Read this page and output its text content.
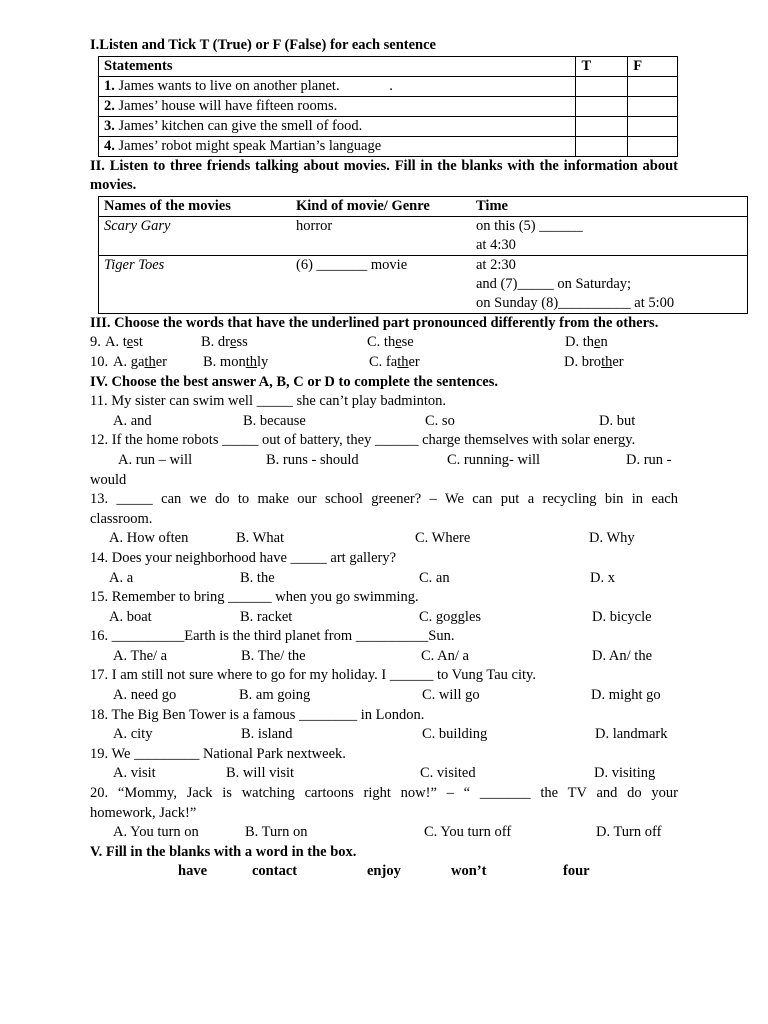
I.Listen and Tick T (True) or F (False) for each sentence
Statements	T	F
1. James wants to live on another planet. .		
2. James’ house will have fifteen rooms.		
3. James’ kitchen can give the smell of food.		
4. James’ robot might speak Martian’s language		
II. Listen to three friends talking about movies. Fill in the blanks with the information about movies.
Names of the movies	Kind of movie/ Genre	Time
Scary Gary	horror	on this (5) ______
at 4:30

Tiger Toes	(6) _______ movie	at 2:30
and (7)_____ on Saturday;
on Sunday (8)__________ at 5:00
III. Choose the words that have the underlined part pronounced differently from the others.
9. A. test	B. dress	C. these	D. then
10. A. gather B. monthly	C. father	D. brother
IV. Choose the best answer A, B, C or D to complete the sentences.
11. My sister can swim well _____ she can’t play badminton.
A. and	B. because	C. so	D. but
12. If the home robots _____ out of battery, they ______ charge themselves with solar energy.
A. run – will	B. runs - should	C. running- will	D. run -
would
13. _____ can we do to make our school greener? – We can put a recycling bin in each
classroom.
A. How often	B. What	C. Where	D. Why
14. Does your neighborhood have _____ art gallery?
A. a	B. the	C. an	D. x
15. Remember to bring ______ when you go swimming.
A. boat	B. racket	C. goggles	D. bicycle
16. __________Earth is the third planet from __________Sun.
A. The/ a	B. The/ the	C. An/ a	D. An/ the
17. I am still not sure where to go for my holiday. I ______ to Vung Tau city.
A. need go	B. am going	C. will go	D. might go
18. The Big Ben Tower is a famous ________ in London.
A. city	B. island	C. building	D. landmark
19. We _________ National Park nextweek.
A. visit	B. will visit	C. visited	D. visiting
20. “Mommy, Jack is watching cartoons right now!” – “ _______ the TV and do your
homework, Jack!”
A. You turn on	B. Turn on	C. You turn off	D. Turn off
V. Fill in the blanks with a word in the box.
have	contact	enjoy	won’t	four
